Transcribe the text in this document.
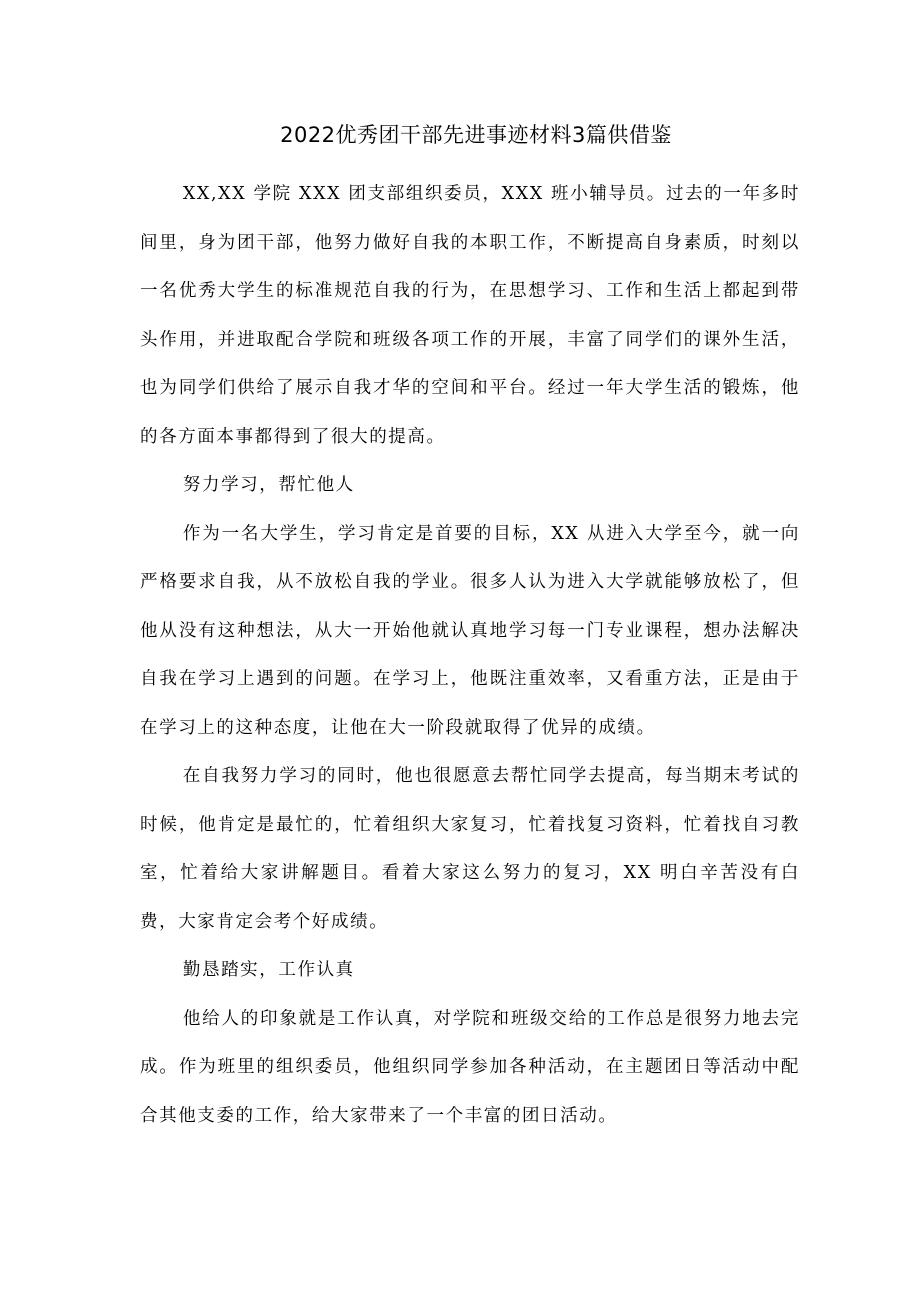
2022优秀团干部先进事迹材料3篇供借鉴

XX,XX 学院 XXX 团支部组织委员，XXX 班小辅导员。过去的一年多时间里，身为团干部，他努力做好自我的本职工作，不断提高自身素质，时刻以一名优秀大学生的标准规范自我的行为，在思想学习、工作和生活上都起到带头作用，并进取配合学院和班级各项工作的开展，丰富了同学们的课外生活，也为同学们供给了展示自我才华的空间和平台。经过一年大学生活的锻炼，他的各方面本事都得到了很大的提高。

努力学习，帮忙他人

作为一名大学生，学习肯定是首要的目标，XX 从进入大学至今，就一向严格要求自我，从不放松自我的学业。很多人认为进入大学就能够放松了，但他从没有这种想法，从大一开始他就认真地学习每一门专业课程，想办法解决自我在学习上遇到的问题。在学习上，他既注重效率，又看重方法，正是由于在学习上的这种态度，让他在大一阶段就取得了优异的成绩。

在自我努力学习的同时，他也很愿意去帮忙同学去提高，每当期末考试的时候，他肯定是最忙的，忙着组织大家复习，忙着找复习资料，忙着找自习教室，忙着给大家讲解题目。看着大家这么努力的复习，XX 明白辛苦没有白费，大家肯定会考个好成绩。

勤恳踏实，工作认真

他给人的印象就是工作认真，对学院和班级交给的工作总是很努力地去完成。作为班里的组织委员，他组织同学参加各种活动，在主题团日等活动中配合其他支委的工作，给大家带来了一个丰富的团日活动。
